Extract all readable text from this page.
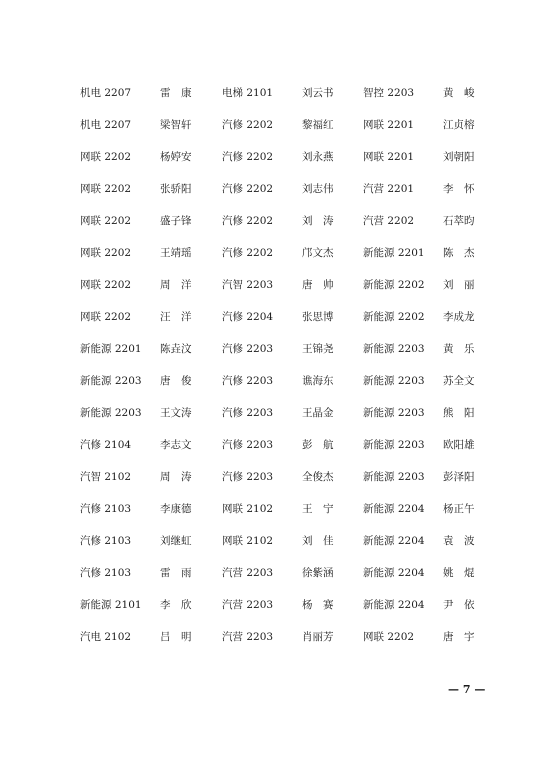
机电 2207	雷　康	电梯 2101	刘云书	智控 2203	黄　峻
机电 2207	梁智轩	汽修 2202	黎福红	网联 2201	江贞榕
网联 2202	杨婷安	汽修 2202	刘永燕	网联 2201	刘朝阳
网联 2202	张骄阳	汽修 2202	刘志伟	汽营 2201	李　怀
网联 2202	盛子锋	汽修 2202	刘　涛	汽营 2202	石萃昀
网联 2202	王靖瑶	汽修 2202	邝文杰	新能源 2201 陈　杰
网联 2202	周　洋	汽智 2203	唐　帅	新能源 2202 刘　丽
网联 2202	汪　洋	汽修 2204	张思博	新能源 2202 李成龙
新能源 2201 陈垚汶	汽修 2203	王锦尧	新能源 2203 黄　乐
新能源 2203 唐　俊	汽修 2203	谯海东	新能源 2203 苏全文
新能源 2203 王文涛	汽修 2203	王晶金	新能源 2203 熊　阳
汽修 2104	李志文	汽修 2203	彭　航	新能源 2203 欧阳雄
汽智 2102	周　涛	汽修 2203	全俊杰	新能源 2203 彭泽阳
汽修 2103	李康德	网联 2102	王　宁	新能源 2204 杨正午
汽修 2103	刘继虹	网联 2102	刘　佳	新能源 2204 袁　波
汽修 2103	雷　雨	汽营 2203	徐紫涵	新能源 2204 姚　焜
新能源 2101 李　欣	汽营 2203	杨　赛	新能源 2204 尹　依
汽电 2102	吕　明	汽营 2203	肖丽芳	网联 2202	唐　宇
— 7 —
